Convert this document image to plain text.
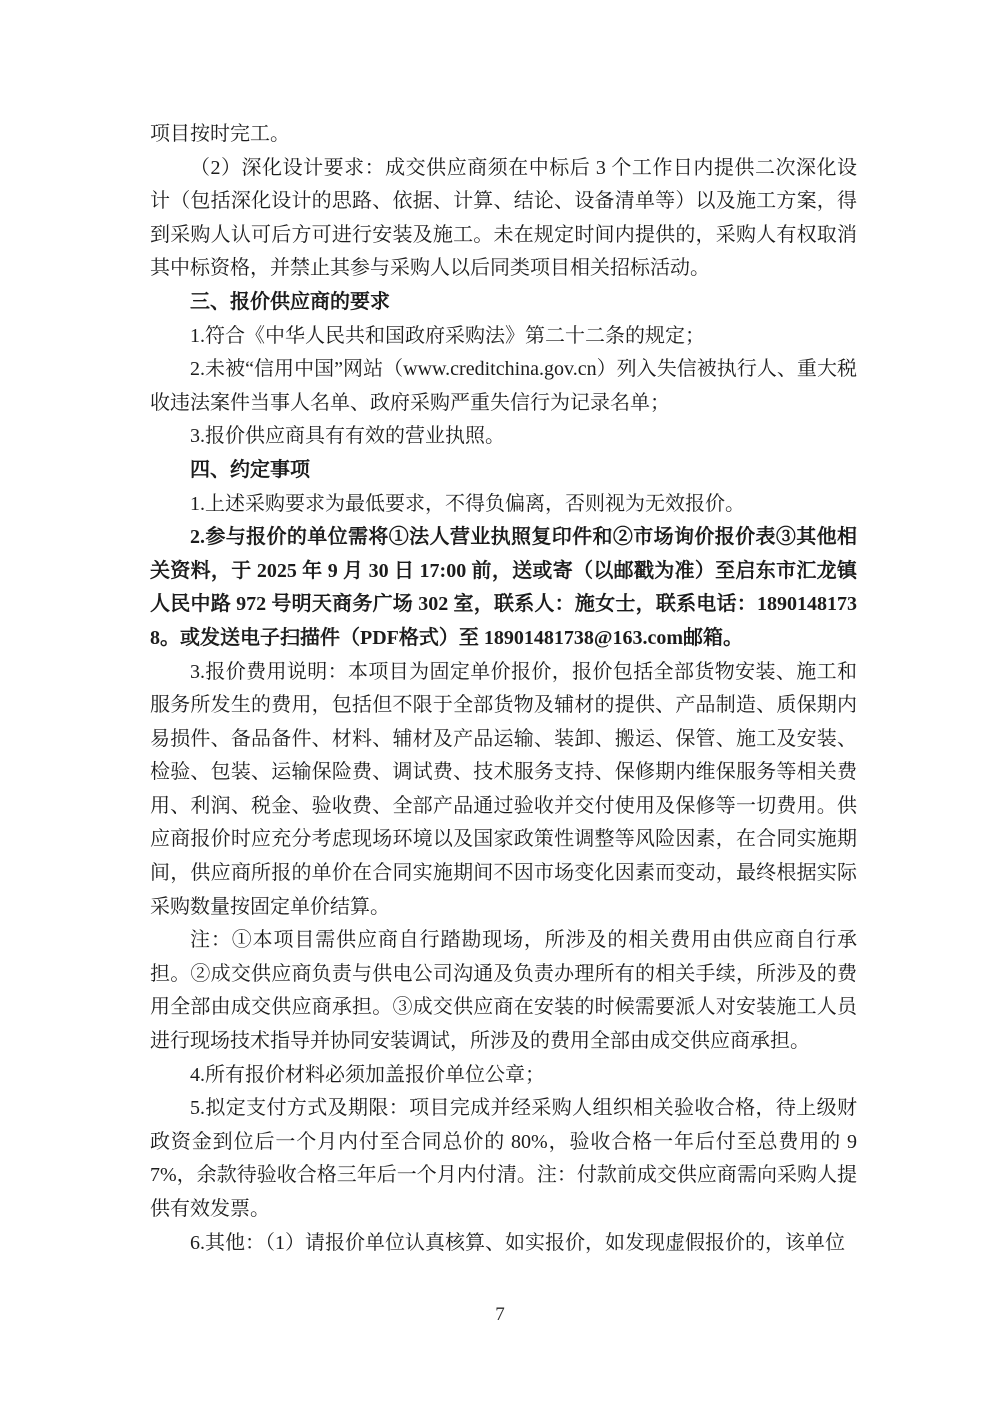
项目按时完工。

（2）深化设计要求：成交供应商须在中标后 3 个工作日内提供二次深化设计（包括深化设计的思路、依据、计算、结论、设备清单等）以及施工方案，得到采购人认可后方可进行安装及施工。未在规定时间内提供的，采购人有权取消其中标资格，并禁止其参与采购人以后同类项目相关招标活动。

三、报价供应商的要求

1.符合《中华人民共和国政府采购法》第二十二条的规定；

2.未被“信用中国”网站（www.creditchina.gov.cn）列入失信被执行人、重大税收违法案件当事人名单、政府采购严重失信行为记录名单；

3.报价供应商具有有效的营业执照。

四、约定事项

1.上述采购要求为最低要求，不得负偏离，否则视为无效报价。

2.参与报价的单位需将①法人营业执照复印件和②市场询价报价表③其他相关资料，于 2025 年 9 月 30 日 17:00 前，送或寄（以邮戳为准）至启东市汇龙镇人民中路 972 号明天商务广场 302 室，联系人：施女士，联系电话：18901481738。或发送电子扫描件（PDF格式）至 18901481738@163.com邮箱。

3.报价费用说明：本项目为固定单价报价，报价包括全部货物安装、施工和服务所发生的费用，包括但不限于全部货物及辅材的提供、产品制造、质保期内易损件、备品备件、材料、辅材及产品运输、装卸、搬运、保管、施工及安装、检验、包装、运输保险费、调试费、技术服务支持、保修期内维保服务等相关费用、利润、税金、验收费、全部产品通过验收并交付使用及保修等一切费用。供应商报价时应充分考虑现场环境以及国家政策性调整等风险因素，在合同实施期间，供应商所报的单价在合同实施期间不因市场变化因素而变动，最终根据实际采购数量按固定单价结算。

注：①本项目需供应商自行踏勘现场，所涉及的相关费用由供应商自行承担。②成交供应商负责与供电公司沟通及负责办理所有的相关手续，所涉及的费用全部由成交供应商承担。③成交供应商在安装的时候需要派人对安装施工人员进行现场技术指导并协同安装调试，所涉及的费用全部由成交供应商承担。

4.所有报价材料必须加盖报价单位公章；

5.拟定支付方式及期限：项目完成并经采购人组织相关验收合格，待上级财政资金到位后一个月内付至合同总价的 80%，验收合格一年后付至总费用的 97%，余款待验收合格三年后一个月内付清。注：付款前成交供应商需向采购人提供有效发票。

6.其他：（1）请报价单位认真核算、如实报价，如发现虚假报价的，该单位

7
